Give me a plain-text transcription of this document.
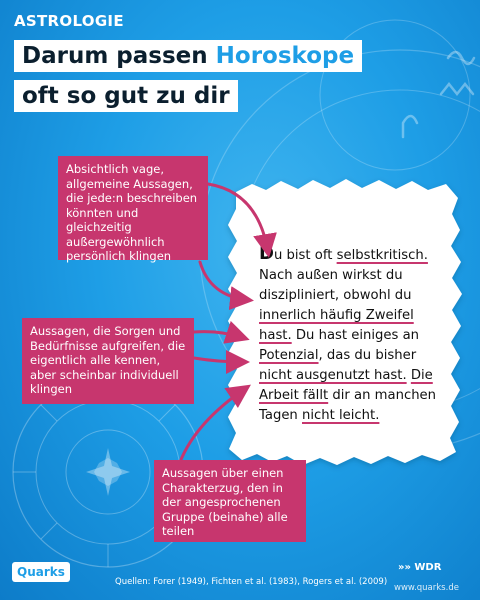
ASTROLOGIE
Darum passen Horoskope
oft so gut zu dir
Du bist oft selbstkritisch. Nach außen wirkst du diszipliniert, obwohl du innerlich häufig Zweifel hast. Du hast einiges an Potenzial, das du bisher nicht ausgenutzt hast. Die Arbeit fällt dir an manchen Tagen nicht leicht.
Absichtlich vage, allgemeine Aussagen, die jede:n beschreiben könnten und gleichzeitig außergewöhnlich persönlich klingen
Aussagen, die Sorgen und Bedürfnisse aufgreifen, die eigentlich alle kennen, aber scheinbar individuell klingen
Aussagen über einen Charakterzug, den in der angesprochenen Gruppe (beinahe) alle teilen
Quarks
Quellen: Forer (1949), Fichten et al. (1983), Rogers et al. (2009)
»» WDR
www.quarks.de
